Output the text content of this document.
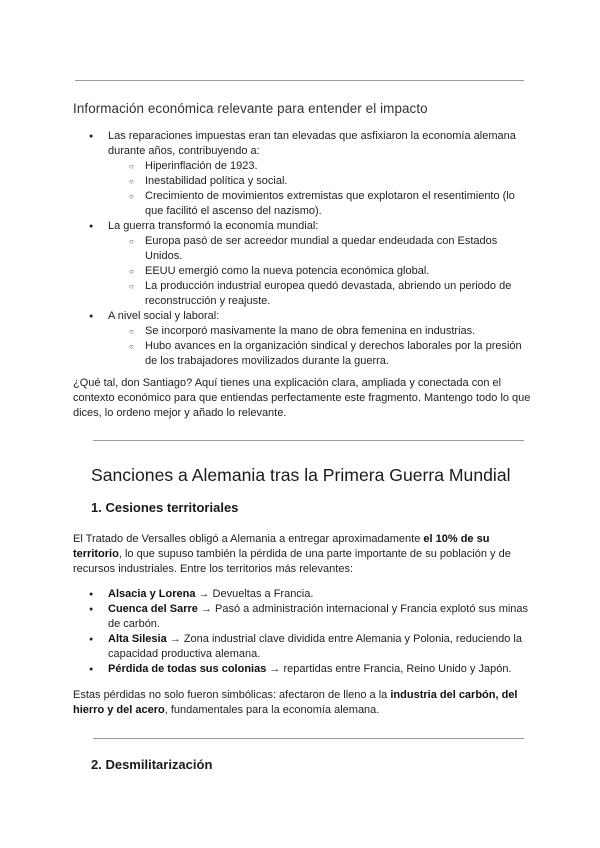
Información económica relevante para entender el impacto
● Las reparaciones impuestas eran tan elevadas que asfixiaron la economía alemana durante años, contribuyendo a:
○ Hiperinflación de 1923.
○ Inestabilidad política y social.
○ Crecimiento de movimientos extremistas que explotaron el resentimiento (lo que facilitó el ascenso del nazismo).
● La guerra transformó la economía mundial:
○ Europa pasó de ser acreedor mundial a quedar endeudada con Estados Unidos.
○ EEUU emergió como la nueva potencia económica global.
○ La producción industrial europea quedó devastada, abriendo un periodo de reconstrucción y reajuste.
● A nivel social y laboral:
○ Se incorporó masivamente la mano de obra femenina en industrias.
○ Hubo avances en la organización sindical y derechos laborales por la presión de los trabajadores movilizados durante la guerra.

¿Qué tal, don Santiago? Aquí tienes una explicación clara, ampliada y conectada con el contexto económico para que entiendas perfectamente este fragmento. Mantengo todo lo que dices, lo ordeno mejor y añado lo relevante.

Sanciones a Alemania tras la Primera Guerra Mundial
1. Cesiones territoriales

El Tratado de Versalles obligó a Alemania a entregar aproximadamente el 10% de su territorio, lo que supuso también la pérdida de una parte importante de su población y de recursos industriales. Entre los territorios más relevantes:

● Alsacia y Lorena → Devueltas a Francia.
● Cuenca del Sarre → Pasó a administración internacional y Francia explotó sus minas de carbón.
● Alta Silesia → Zona industrial clave dividida entre Alemania y Polonia, reduciendo la capacidad productiva alemana.
● Pérdida de todas sus colonias → repartidas entre Francia, Reino Unido y Japón.

Estas pérdidas no solo fueron simbólicas: afectaron de lleno a la industria del carbón, del hierro y del acero, fundamentales para la economía alemana.

2. Desmilitarización
